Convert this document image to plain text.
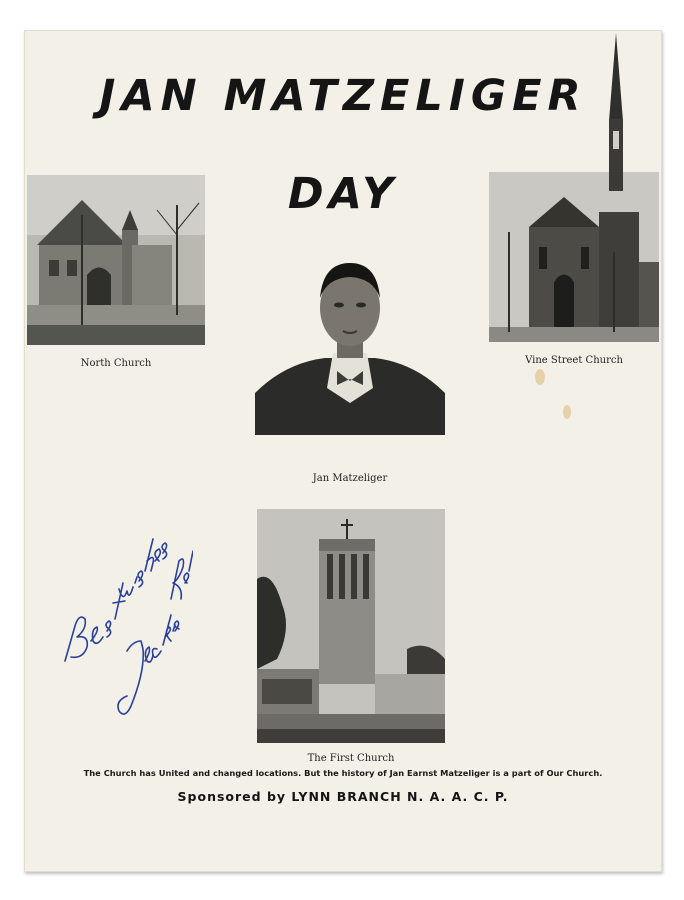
JAN MATZELIGER
DAY
North Church	Vine Street Church
Jan Matzeliger
The First Church
The Church has United and changed locations. But the history of Jan Earnst Matzeliger is a part of Our Church.
Sponsored by LYNN BRANCH N. A. A. C. P.
